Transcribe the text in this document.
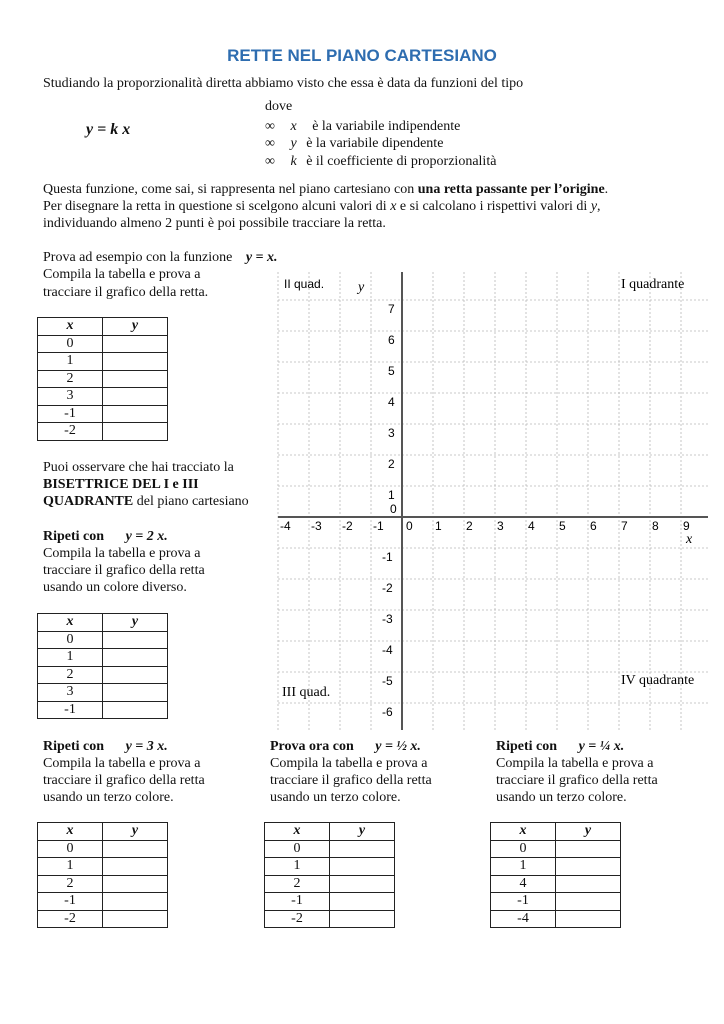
RETTE NEL PIANO CARTESIANO
Studiando la proporzionalità diretta abbiamo visto che essa è data da funzioni del tipo
y = k x
dove
∞ x è la variabile indipendente
∞ y è la variabile dipendente
∞ k è il coefficiente di proporzionalità
Questa funzione, come sai, si rappresenta nel piano cartesiano con una retta passante per l’origine.
Per disegnare la retta in questione si scelgono alcuni valori di x e si calcolano i rispettivi valori di y,
individuando almeno 2 punti è poi possibile tracciare la retta.
Prova ad esempio con la funzione y = x.
Compila la tabella e prova a
tracciare il grafico della retta.
x	y
0	
1	
2	
3	
-1	
-2	
Puoi osservare che hai tracciato la
BISETTRICE DEL I e III
QUADRANTE del piano cartesiano
Ripeti con y = 2 x.
Compila la tabella e prova a
tracciare il grafico della retta
usando un colore diverso.
x	y
0	
1	
2	
3	
-1	
-4 -3 -2 -1 0 1 2 3 4 5 6 7 8 9
1
2
3
4
5
6
7
-1
-2
-3
-4
-5
-6
0
II quad. y	I quadrante
x
IV quadrante
III quad.
Ripeti con y = 3 x.
Compila la tabella e prova a
tracciare il grafico della retta
usando un terzo colore.
Prova ora con y = ½ x.
Compila la tabella e prova a
tracciare il grafico della retta
usando un terzo colore.
Ripeti con y = ¼ x.
Compila la tabella e prova a
tracciare il grafico della retta
usando un terzo colore.
x	y
0	
1	
2	
-1	
-2	
x	y
0	
1	
2	
-1	
-2	
x	y
0	
1	
4	
-1	
-4	
